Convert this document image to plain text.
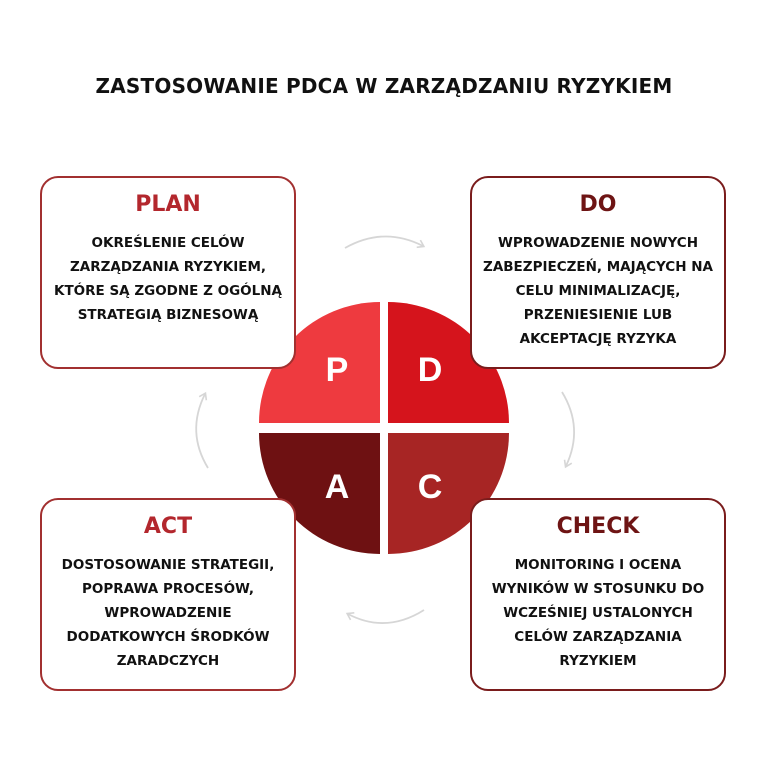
ZASTOSOWANIE PDCA W ZARZĄDZANIU RYZYKIEM
P D
A C
PLAN
OKREŚLENIE CELÓW ZARZĄDZANIA RYZYKIEM, KTÓRE SĄ ZGODNE Z OGÓLNĄ STRATEGIĄ BIZNESOWĄ
DO
WPROWADZENIE NOWYCH ZABEZPIECZEŃ, MAJĄCYCH NA CELU MINIMALIZACJĘ, PRZENIESIENIE LUB AKCEPTACJĘ RYZYKA
ACT
DOSTOSOWANIE STRATEGII, POPRAWA PROCESÓW, WPROWADZENIE DODATKOWYCH ŚRODKÓW ZARADCZYCH
CHECK
MONITORING I OCENA WYNIKÓW W STOSUNKU DO WCZEŚNIEJ USTALONYCH CELÓW ZARZĄDZANIA RYZYKIEM
